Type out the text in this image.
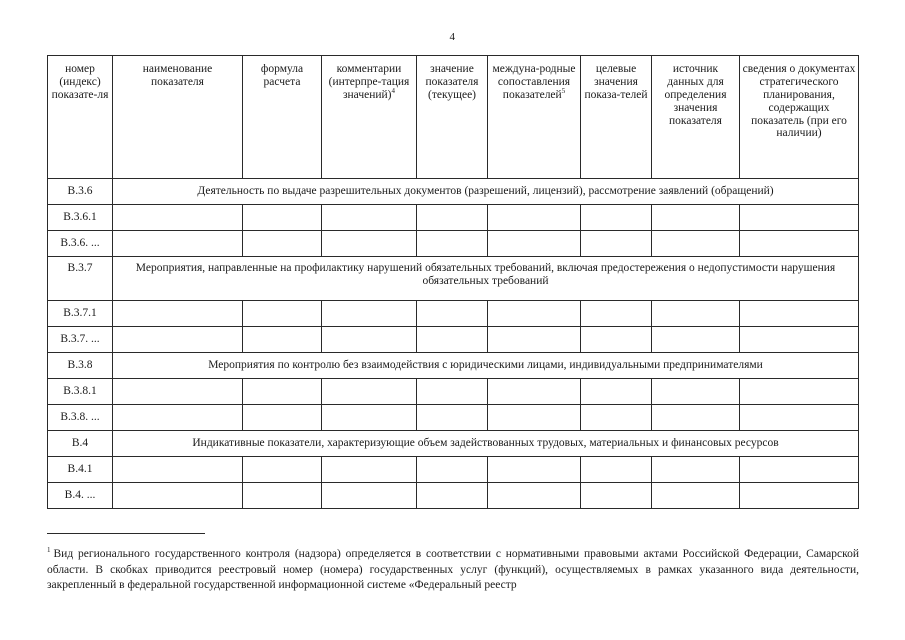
4
номер (индекс) показате-ля	наименование показателя	формула расчета	комментарии (интерпре-тация значений)$^4$	значение показателя (текущее)	междуна-родные сопоставления показателей$^5$	целевые значения показа-телей	источник данных для определения значения показателя	сведения о документах стратегического планирования, содержащих показатель (при его наличии)
В.3.6	Деятельность по выдаче разрешительных документов (разрешений, лицензий), рассмотрение заявлений (обращений)							
В.3.6.1								
В.3.6. ...								
В.3.7	Мероприятия, направленные на профилактику нарушений обязательных требований, включая предостережения о недопустимости нарушения обязательных требований							
В.3.7.1								
В.3.7. ...								
В.3.8	Мероприятия по контролю без взаимодействия с юридическими лицами, индивидуальными предпринимателями							
В.3.8.1								
В.3.8. ...								
В.4	Индикативные показатели, характеризующие объем задействованных трудовых, материальных и финансовых ресурсов							
В.4.1								
В.4. ...								
$^1$ Вид регионального государственного контроля (надзора) определяется в соответствии с нормативными правовыми актами Российской Федерации, Самарской области. В скобках приводится реестровый номер (номера) государственных услуг (функций), осуществляемых в рамках указанного вида деятельности, закрепленный в федеральной государственной информационной системе «Федеральный реестр
